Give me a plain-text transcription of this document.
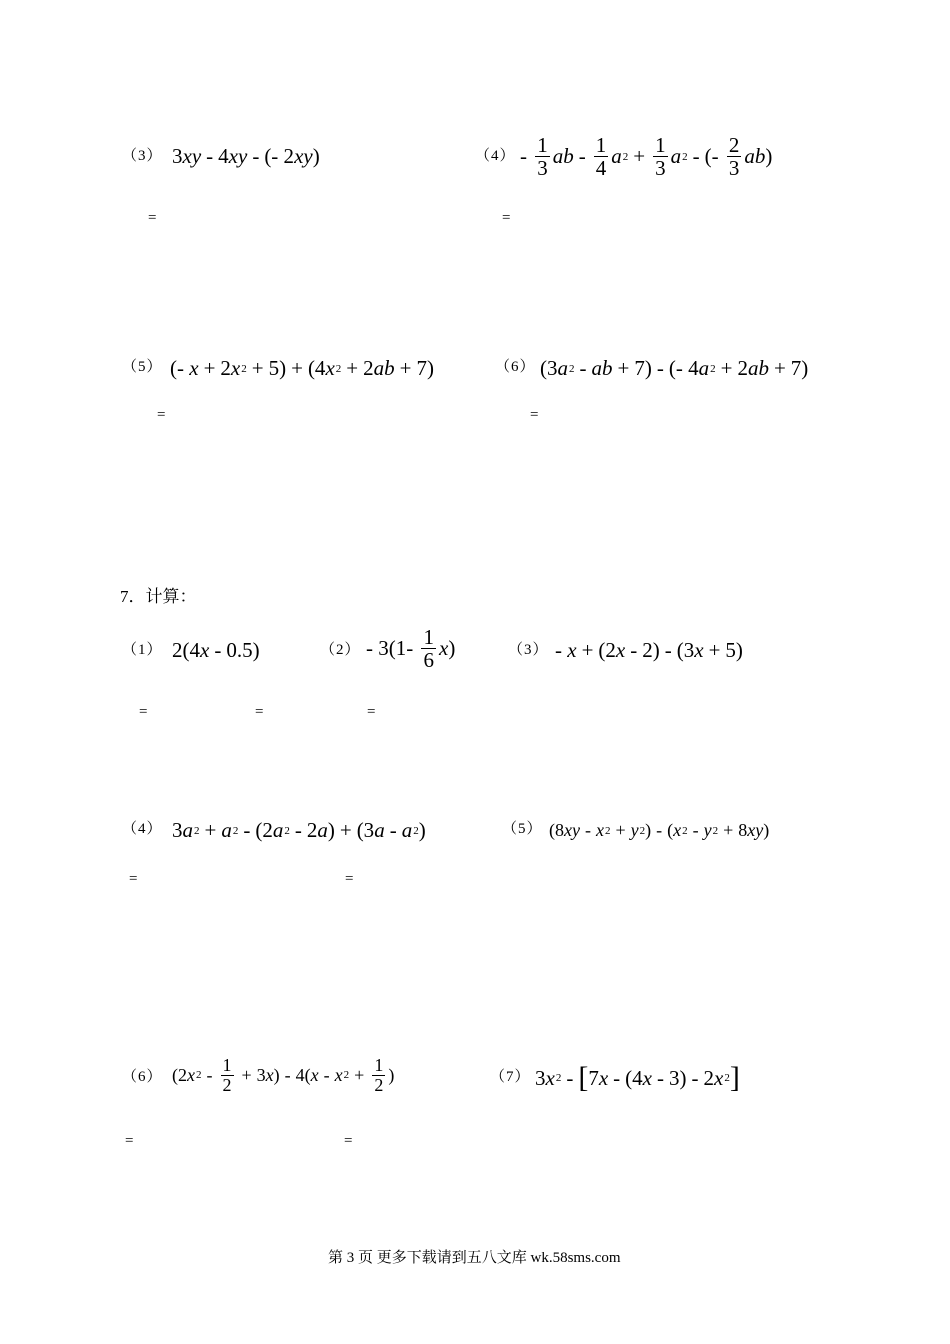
（3） 3 xy - 4 xy - (- 2 xy )
=
$(4) - \frac{1}{3}$ ab - $\frac{1}{4}$ a $2 + \frac{1}{3}$ a 2 - (- $\frac{2}{3}$ ab )
=
（5） (- x + 2 x 2 + 5) + (4 x 2 + 2 ab + 7)
=
（6） (3 a 2 - ab + 7) - (- 4 a 2 + 2 ab + 7)
=
7．计算：
（1） 2(4 x - 0.5)
=
$(2) - 3(1- \frac{1}{6}$ x )
=
（3） - x + (2 x - 2) - (3 x + 5)
=
（4） 3 a 2 + a 2 - (2 a 2 - 2 a ) + (3 a - a 2 )
=
（5） (8 xy - x 2 + y 2 ) - ( x 2 - y 2 + 8 xy )
=
（6） (2 x $2 - \frac{1}{2} + 3$ x ) - 4( x - x $2 + \frac{1}{2}$ )
=
（7） 3 x 2 - [ 7 x - (4 x - 3) - 2 x 2 ]
=
第 3 页 更多下载请到五八文库 wk.58sms.com
